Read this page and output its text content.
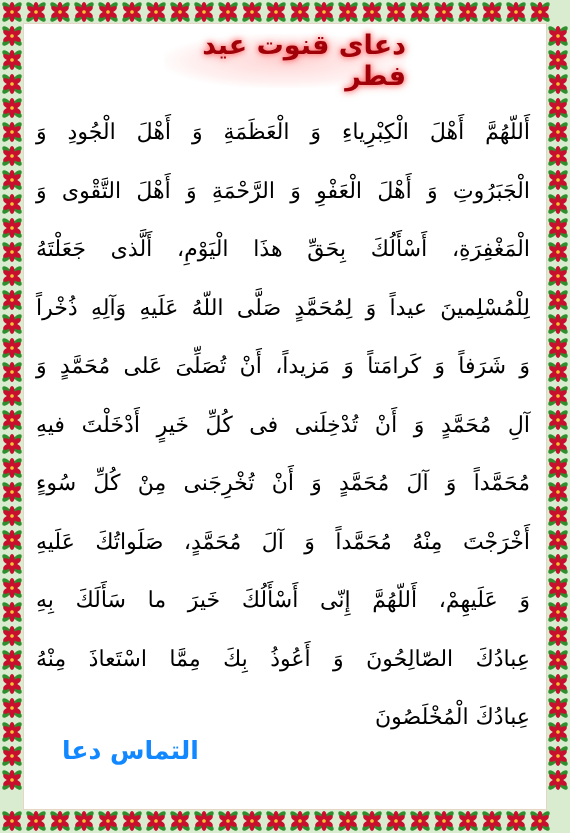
دعای قنوت عید فطر
أَللّهُمَّ أَهْلَ الْكِبْرِياءِ وَ الْعَظَمَةِ وَ أَهْلَ الْجُودِ وَ
الْجَبَرُوتِ وَ أَهْلَ الْعَفْوِ وَ الرَّحْمَةِ وَ أَهْلَ التَّقْوى وَ
الْمَغْفِرَةِ، أَسْأَلُكَ بِحَقِّ هذَا الْيَوْمِ، أَلَّذى جَعَلْتَهُ
لِلْمُسْلِمينَ عيداً وَ لِمُحَمَّدٍ صَلَّى اللّهُ عَلَيهِ وَآلِهِ ذُخْراً
وَ شَرَفاً وَ كَرامَتاً وَ مَزيداً، أَنْ تُصَلِّىَ عَلى مُحَمَّدٍ وَ
آلِ مُحَمَّدٍ وَ أَنْ تُدْخِلَنى فى كُلِّ خَيرٍ أَدْخَلْتَ فيهِ
مُحَمَّداً وَ آلَ مُحَمَّدٍ وَ أَنْ تُخْرِجَنى مِنْ كُلِّ سُوءٍ
أَخْرَجْتَ مِنْهُ مُحَمَّداً وَ آلَ مُحَمَّدٍ، صَلَواتُكَ عَلَيهِ
وَ عَلَيهِمْ، أَللّهُمَّ إِنّى أَسْأَلُكَ خَيرَ ما سَأَلَكَ بِهِ
عِبادُكَ الصّالِحُونَ وَ أَعُوذُ بِكَ مِمَّا اسْتَعاذَ مِنْهُ
عِبادُكَ الْمُخْلَصُونَ
التماس دعا
